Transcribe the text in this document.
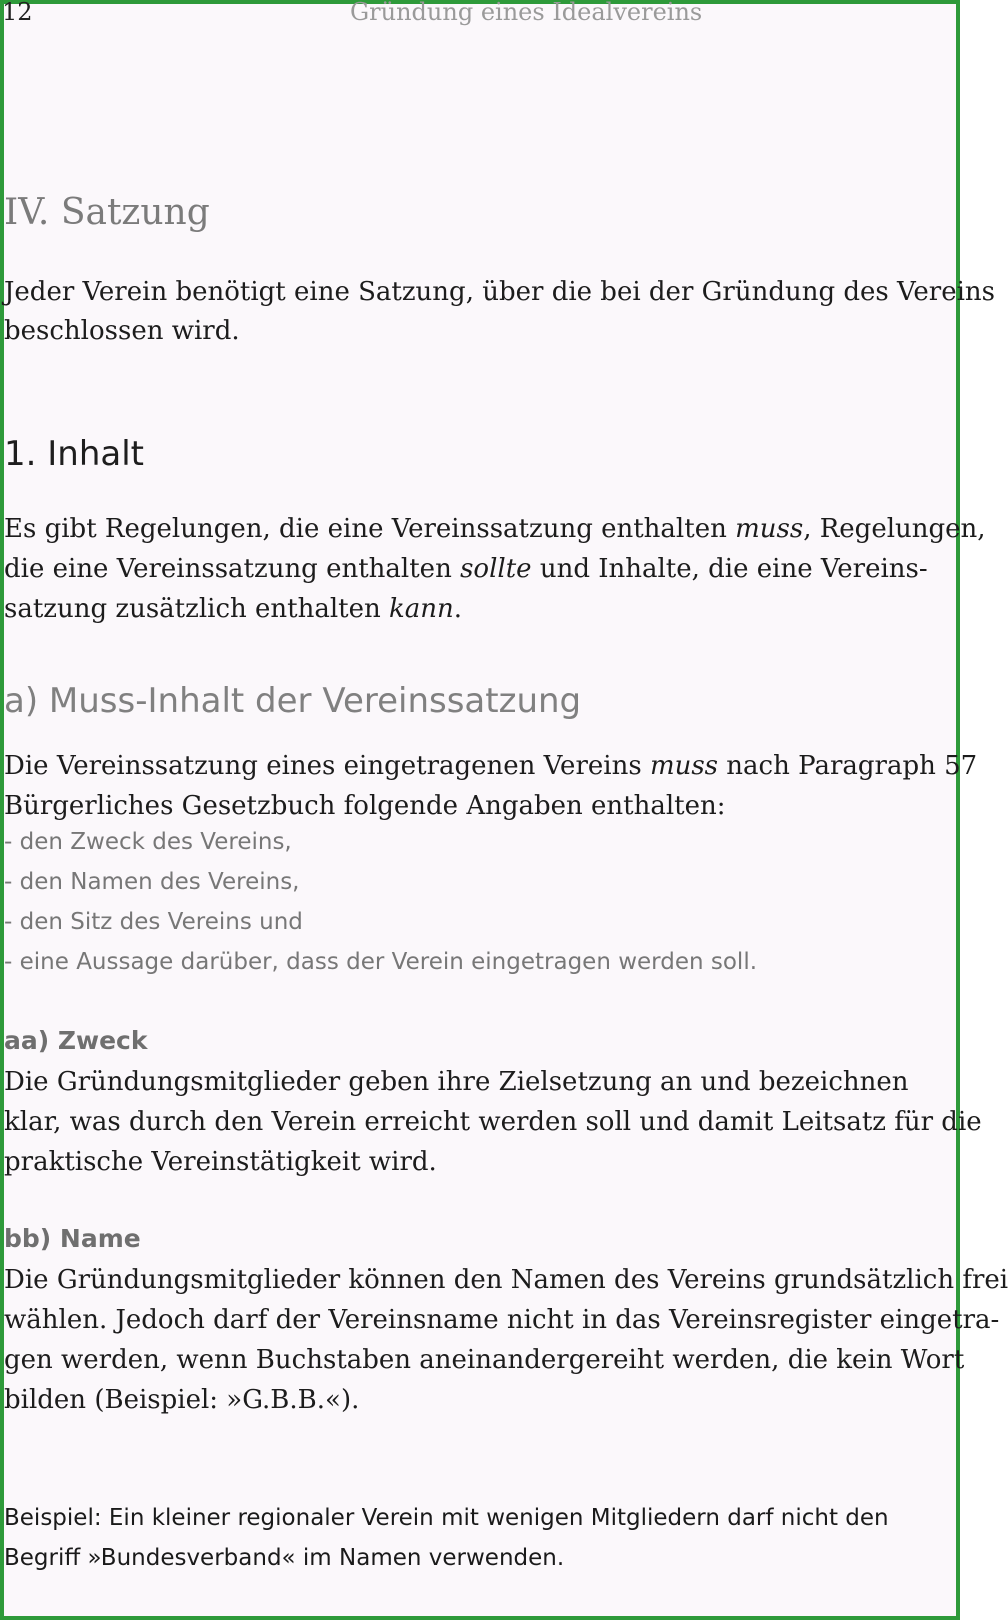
12	Gründung eines Idealvereins
IV. Satzung
Jeder Verein benötigt eine Satzung, über die bei der Gründung des Vereins
beschlossen wird.
1. Inhalt
Es gibt Regelungen, die eine Vereinssatzung enthalten muss, Regelungen,
die eine Vereinssatzung enthalten sollte und Inhalte, die eine Vereins-
satzung zusätzlich enthalten kann.
a) Muss-Inhalt der Vereinssatzung
Die Vereinssatzung eines eingetragenen Vereins muss nach Paragraph 57
Bürgerliches Gesetzbuch folgende Angaben enthalten:
- den Zweck des Vereins,
- den Namen des Vereins,
- den Sitz des Vereins und
- eine Aussage darüber, dass der Verein eingetragen werden soll.
aa) Zweck
Die Gründungsmitglieder geben ihre Zielsetzung an und bezeichnen
klar, was durch den Verein erreicht werden soll und damit Leitsatz für die
praktische Vereinstätigkeit wird.
bb) Name
Die Gründungsmitglieder können den Namen des Vereins grundsätzlich frei
wählen. Jedoch darf der Vereinsname nicht in das Vereinsregister eingetra-
gen werden, wenn Buchstaben aneinandergereiht werden, die kein Wort
bilden (Beispiel: »G.B.B.«).
Beispiel: Ein kleiner regionaler Verein mit wenigen Mitgliedern darf nicht den
Begriff »Bundesverband« im Namen verwenden.
